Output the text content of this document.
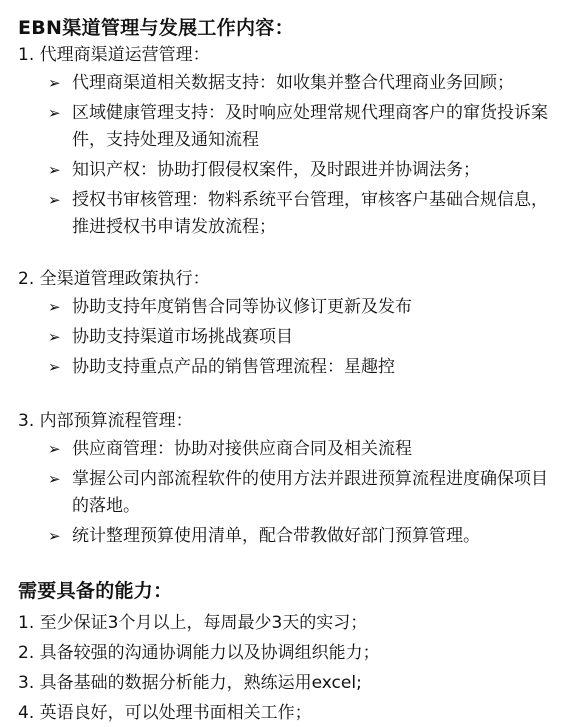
EBN渠道管理与发展工作内容：

1. 代理商渠道运营管理：

➢ 代理商渠道相关数据支持：如收集并整合代理商业务回顾；
➢ 区域健康管理支持：及时响应处理常规代理商客户的窜货投诉案件，支持处理及通知流程
➢ 知识产权：协助打假侵权案件，及时跟进并协调法务；
➢ 授权书审核管理：物料系统平台管理，审核客户基础合规信息，推进授权书申请发放流程；

2. 全渠道管理政策执行：

➢ 协助支持年度销售合同等协议修订更新及发布
➢ 协助支持渠道市场挑战赛项目
➢ 协助支持重点产品的销售管理流程：星趣控

3. 内部预算流程管理：

➢ 供应商管理：协助对接供应商合同及相关流程
➢ 掌握公司内部流程软件的使用方法并跟进预算流程进度确保项目的落地。
➢ 统计整理预算使用清单，配合带教做好部门预算管理。
需要具备的能力：
1. 至少保证3个月以上，每周最少3天的实习；
2. 具备较强的沟通协调能力以及协调组织能力；
3. 具备基础的数据分析能力，熟练运用excel;
4. 英语良好，可以处理书面相关工作；
